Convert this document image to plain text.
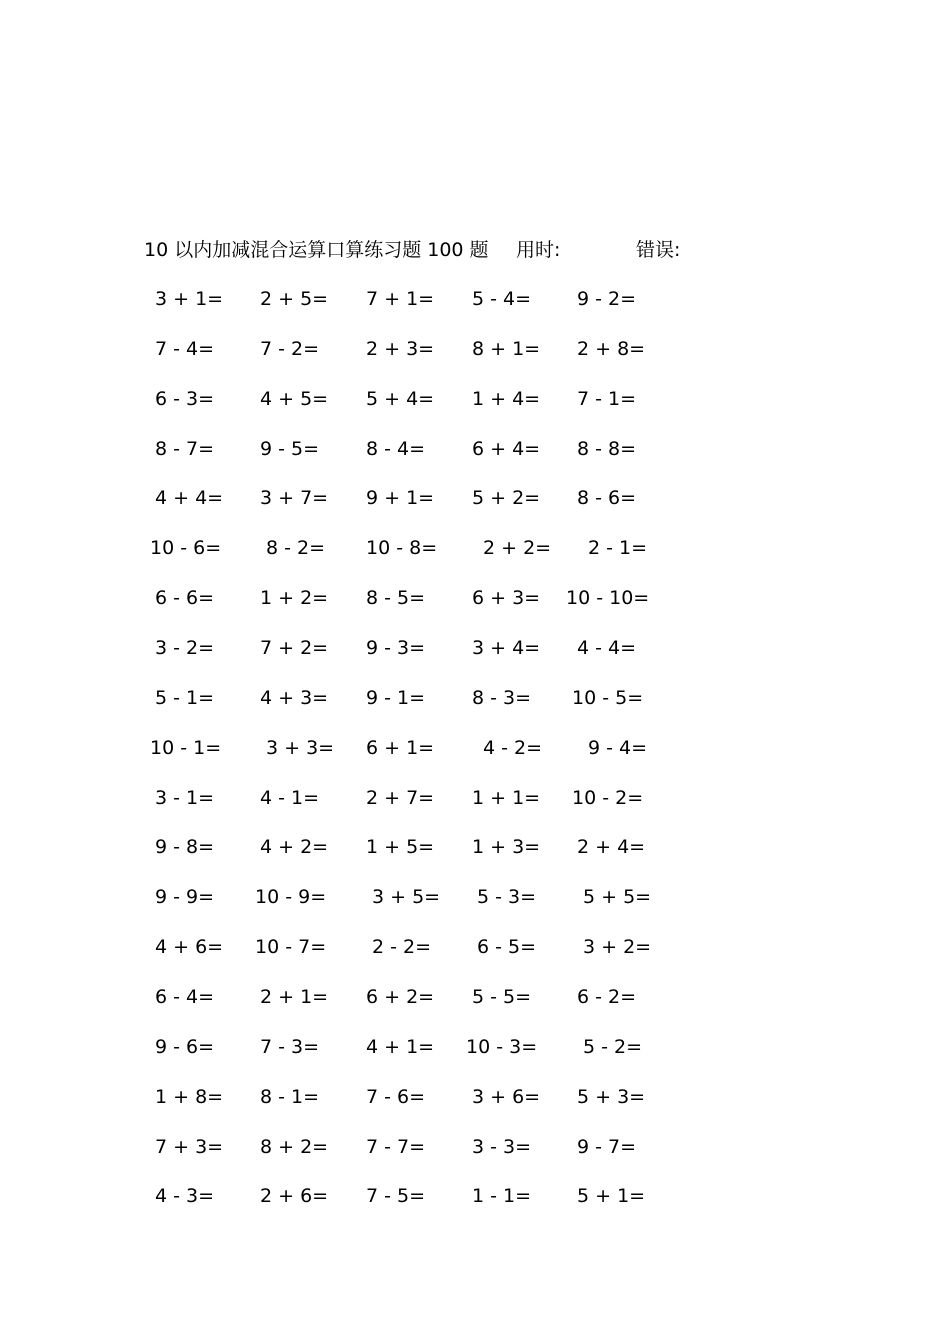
10 以内加减混合运算口算练习题 100 题 用时:	错误:
3 + 1= 2 + 5= 7 + 1= 5 - 4= 9 - 2=
7 - 4= 7 - 2= 2 + 3= 8 + 1= 2 + 8=
6 - 3= 4 + 5= 5 + 4= 1 + 4= 7 - 1=
8 - 7= 9 - 5= 8 - 4= 6 + 4= 8 - 8=
4 + 4= 3 + 7= 9 + 1= 5 + 2= 8 - 6=
10 - 6= 8 - 2= 10 - 8= 2 + 2= 2 - 1=
6 - 6= 1 + 2= 8 - 5= 6 + 3= 10 - 10=
3 - 2= 7 + 2= 9 - 3= 3 + 4= 4 - 4=
5 - 1= 4 + 3= 9 - 1= 8 - 3= 10 - 5=
10 - 1= 3 + 3= 6 + 1=	4 - 2= 9 - 4=
3 - 1= 4 - 1= 2 + 7= 1 + 1= 10 - 2=
9 - 8= 4 + 2= 1 + 5= 1 + 3= 2 + 4=
9 - 9= 10 - 9= 3 + 5= 5 - 3= 5 + 5=
4 + 6= 10 - 7= 2 - 2= 6 - 5= 3 + 2=
6 - 4= 2 + 1= 6 + 2= 5 - 5= 6 - 2=
9 - 6= 7 - 3= 4 + 1= 10 - 3= 5 - 2=
1 + 8= 8 - 1= 7 - 6= 3 + 6= 5 + 3=
7 + 3= 8 + 2= 7 - 7= 3 - 3= 9 - 7=
4 - 3= 2 + 6= 7 - 5= 1 - 1= 5 + 1=
